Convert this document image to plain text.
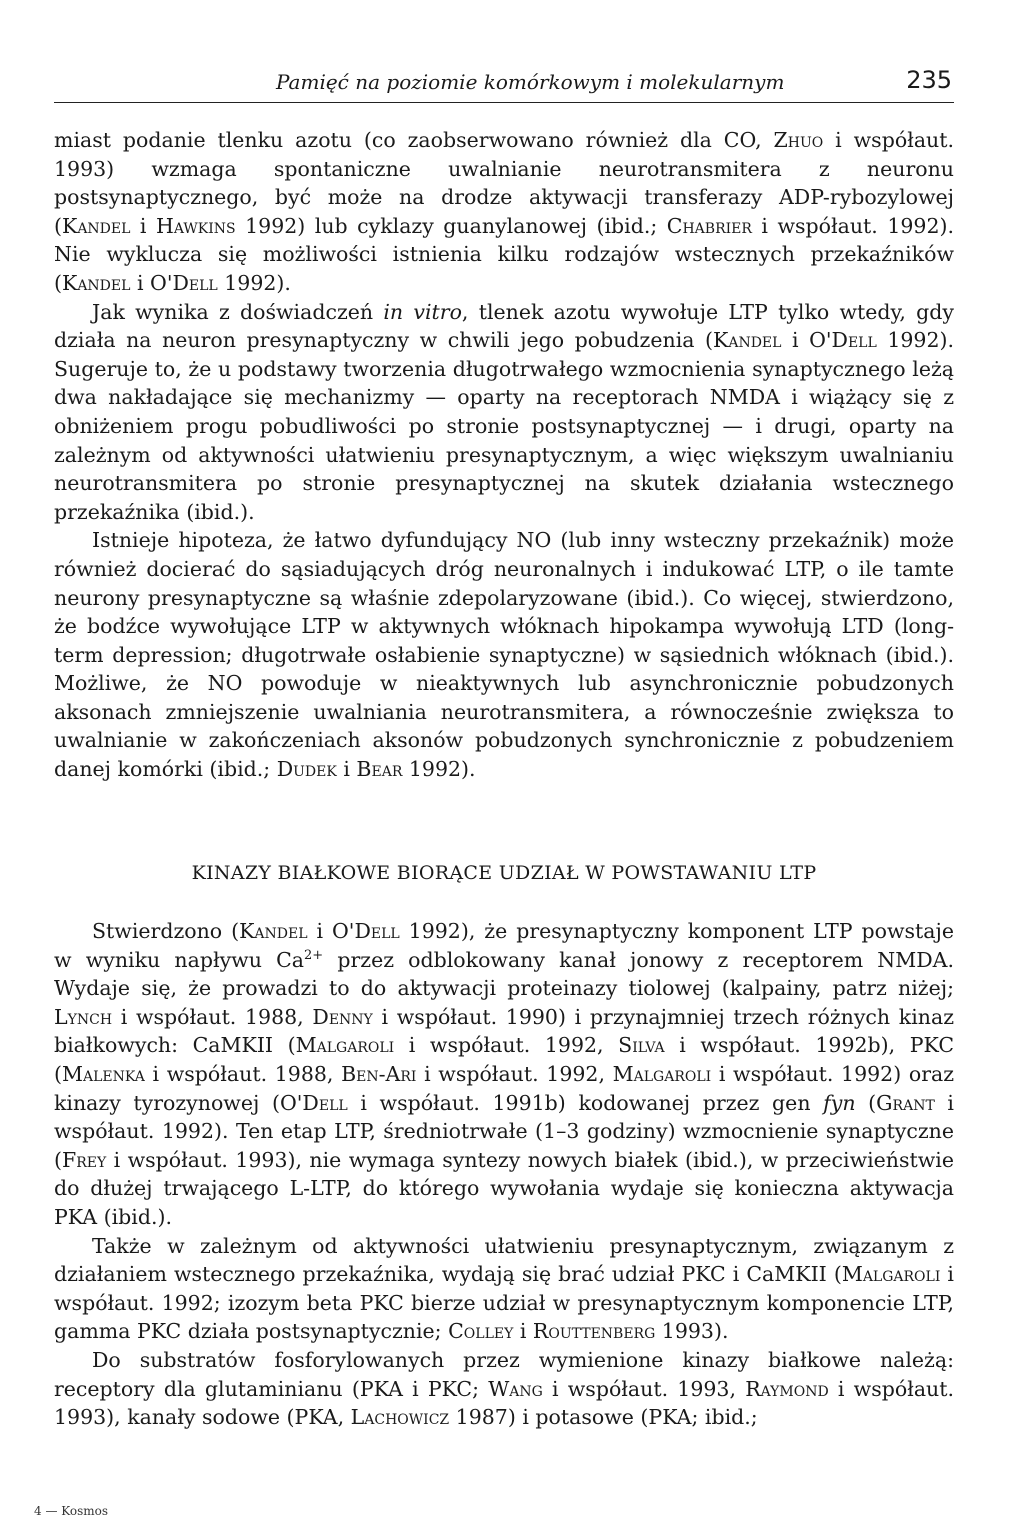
Pamięć na poziomie komórkowym i molekularnym	235

miast podanie tlenku azotu (co zaobserwowano również dla CO, Zhuo i współaut. 1993) wzmaga spontaniczne uwalnianie neurotransmitera z neuronu postsynaptycznego, być może na drodze aktywacji transferazy ADP-rybozylowej (Kandel i Hawkins 1992) lub cyklazy guanylanowej (ibid.; Chabrier i współaut. 1992). Nie wyklucza się możliwości istnienia kilku rodzajów wstecznych przekaźników (Kandel i O'Dell 1992).

Jak wynika z doświadczeń in vitro, tlenek azotu wywołuje LTP tylko wtedy, gdy działa na neuron presynaptyczny w chwili jego pobudzenia (Kandel i O'Dell 1992). Sugeruje to, że u podstawy tworzenia długotrwałego wzmocnienia synaptycznego leżą dwa nakładające się mechanizmy — oparty na receptorach NMDA i wiążący się z obniżeniem progu pobudliwości po stronie postsynaptycznej — i drugi, oparty na zależnym od aktywności ułatwieniu presynaptycznym, a więc większym uwalnianiu neurotransmitera po stronie presynaptycznej na skutek działania wstecznego przekaźnika (ibid.).

Istnieje hipoteza, że łatwo dyfundujący NO (lub inny wsteczny przekaźnik) może również docierać do sąsiadujących dróg neuronalnych i indukować LTP, o ile tamte neurony presynaptyczne są właśnie zdepolaryzowane (ibid.). Co więcej, stwierdzono, że bodźce wywołujące LTP w aktywnych włóknach hipokampa wywołują LTD (long-term depression; długotrwałe osłabienie synaptyczne) w sąsiednich włóknach (ibid.). Możliwe, że NO powoduje w nieaktywnych lub asynchronicznie pobudzonych aksonach zmniejszenie uwalniania neurotransmitera, a równocześnie zwiększa to uwalnianie w zakończeniach aksonów pobudzonych synchronicznie z pobudzeniem danej komórki (ibid.; Dudek i Bear 1992).

KINAZY BIAŁKOWE BIORĄCE UDZIAŁ W POWSTAWANIU LTP

Stwierdzono (Kandel i O'Dell 1992), że presynaptyczny komponent LTP powstaje w wyniku napływu $Ca^{2+}$ przez odblokowany kanał jonowy z receptorem NMDA. Wydaje się, że prowadzi to do aktywacji proteinazy tiolowej (kalpainy, patrz niżej; Lynch i współaut. 1988, Denny i współaut. 1990) i przynajmniej trzech różnych kinaz białkowych: CaMKII (Malgaroli i współaut. 1992, Silva i współaut. 1992b), PKC (Malenka i współaut. 1988, Ben-Ari i współaut. 1992, Malgaroli i współaut. 1992) oraz kinazy tyrozynowej (O'Dell i współaut. 1991b) kodowanej przez gen fyn (Grant i współaut. 1992). Ten etap LTP, średniotrwałe (1–3 godziny) wzmocnienie synaptyczne (Frey i współaut. 1993), nie wymaga syntezy nowych białek (ibid.), w przeciwieństwie do dłużej trwającego L-LTP, do którego wywołania wydaje się konieczna aktywacja PKA (ibid.).

Także w zależnym od aktywności ułatwieniu presynaptycznym, związanym z działaniem wstecznego przekaźnika, wydają się brać udział PKC i CaMKII (Malgaroli i współaut. 1992; izozym beta PKC bierze udział w presynaptycznym komponencie LTP, gamma PKC działa postsynaptycznie; Colley i Routtenberg 1993).

Do substratów fosforylowanych przez wymienione kinazy białkowe należą: receptory dla glutaminianu (PKA i PKC; Wang i współaut. 1993, Raymond i współaut. 1993), kanały sodowe (PKA, Lachowicz 1987) i potasowe (PKA; ibid.;

4 — Kosmos
